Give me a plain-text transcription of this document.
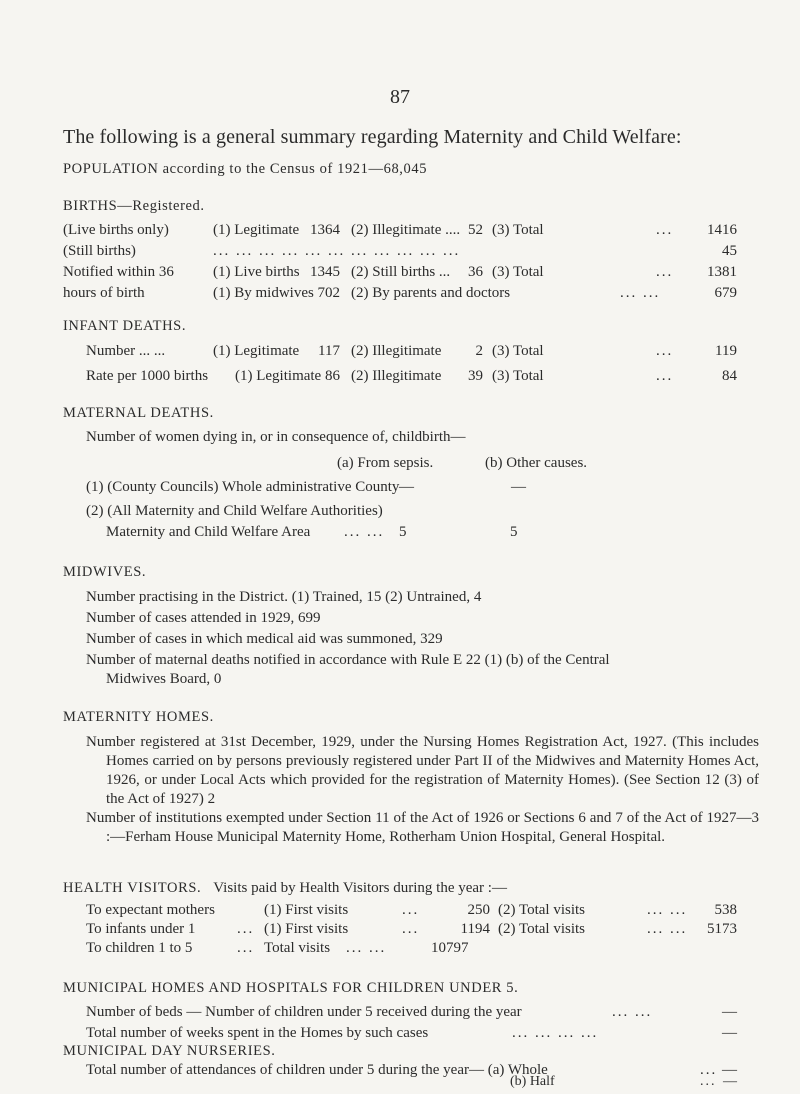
87
The following is a general summary regarding Maternity and Child Welfare:
POPULATION according to the Census of 1921—68,045
BIRTHS—Registered.
(Live births only)	(1) Legitimate 1364 (2) Illegitimate .... 52 (3) Total	... 1416
(Still births)	... ... ... ... ... ... ... ... ... ... ...	45
Notified within 36	(1) Live births 1345 (2) Still births ... 36 (3) Total	... 1381
hours of birth	(1) By midwives 702 (2) By parents and doctors	... ...	679
INFANT DEATHS.
Number ... ...	(1) Legitimate 117 (2) Illegitimate 2 (3) Total	...	119
Rate per 1000 births (1) Legitimate 86 (2) Illegitimate 39 (3) Total	...	84
MATERNAL DEATHS.
Number of women dying in, or in consequence of, childbirth—
(a) From sepsis.	(b) Other causes.
(1) (County Councils) Whole administrative County —	—
(2) (All Maternity and Child Welfare Authorities)
Maternity and Child Welfare Area ... ... 5	5
MIDWIVES.
Number practising in the District. (1) Trained, 15 (2) Untrained, 4
Number of cases attended in 1929, 699
Number of cases in which medical aid was summoned, 329
Number of maternal deaths notified in accordance with Rule E 22 (1) (b) of the Central
Midwives Board, 0
MATERNITY HOMES.
Number registered at 31st December, 1929, under the Nursing Homes Registration Act, 1927. (This includes Homes carried on by persons previously registered under Part II of the Midwives and Maternity Homes Act, 1926, or under Local Acts which provided for the registration of Maternity Homes). (See Section 12 (3) of the Act of 1927) 2
Number of institutions exempted under Section 11 of the Act of 1926 or Sections 6 and 7 of the Act of 1927—3 :—Ferham House Municipal Maternity Home, Rotherham Union Hospital, General Hospital.
HEALTH VISITORS. Visits paid by Health Visitors during the year :—
To expectant mothers	(1) First visits	...	250 (2) Total visits	... ... 538
To infants under 1	... (1) First visits	...	1194 (2) Total visits	... ... 5173
To children 1 to 5	... Total visits ... ...	10797
MUNICIPAL HOMES AND HOSPITALS FOR CHILDREN UNDER 5.
Number of beds — Number of children under 5 received during the year	... ...	—
Total number of weeks spent in the Homes by such cases	... ... ... ...	—
MUNICIPAL DAY NURSERIES.
Total number of attendances of children under 5 during the year— (a) Whole	... —
(b) Half	... —
